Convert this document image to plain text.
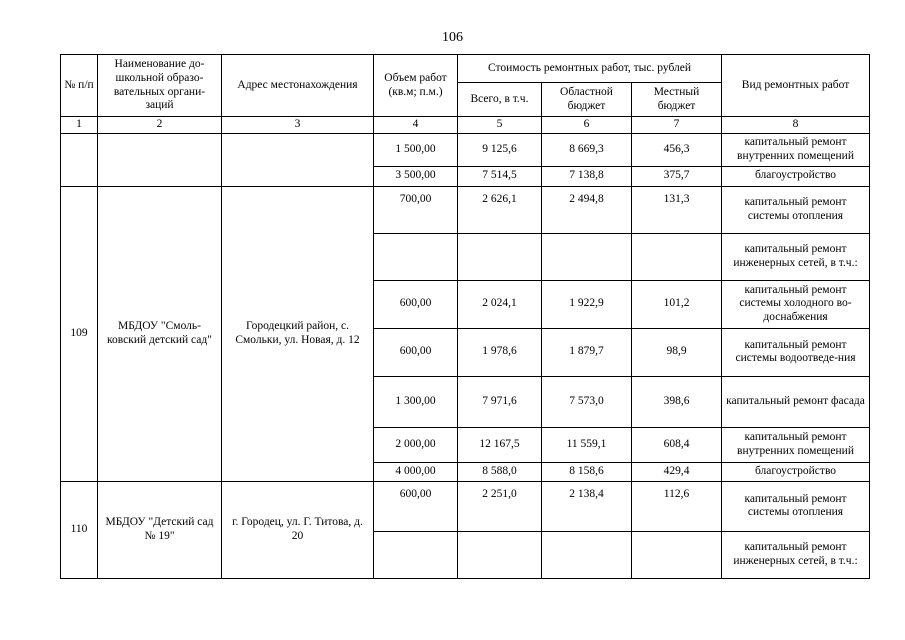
106
№ п/п	Наименование до-школьной образо-вательных органи-заций	Адрес местонахождения	Объем работ (кв.м; п.м.)	Стоимость ремонтных работ, тыс. рублей			Вид ремонтных работ
				Всего, в т.ч.	Областной бюджет	Местный бюджет	
1	2	3	4	5	6	7	8
			1 500,00	9 125,6	8 669,3	456,3	капитальный ремонт внутренних помещений
			3 500,00	7 514,5	7 138,8	375,7	благоустройство
109	МБДОУ "Смоль-ковский детский сад"	Городецкий район, с. Смольки, ул. Новая, д. 12	700,00	2 626,1	2 494,8	131,3	капитальный ремонт системы отопления
							капитальный ремонт инженерных сетей, в т.ч.:
			600,00	2 024,1	1 922,9	101,2	капитальный ремонт системы холодного во-доснабжения
			600,00	1 978,6	1 879,7	98,9	капитальный ремонт системы водоотведе-ния
			1 300,00	7 971,6	7 573,0	398,6	капитальный ремонт фасада
			2 000,00	12 167,5	11 559,1	608,4	капитальный ремонт внутренних помещений
			4 000,00	8 588,0	8 158,6	429,4	благоустройство
110	МБДОУ "Детский сад № 19"	г. Городец, ул. Г. Титова, д. 20	600,00	2 251,0	2 138,4	112,6	капитальный ремонт системы отопления
							капитальный ремонт инженерных сетей, в т.ч.:
